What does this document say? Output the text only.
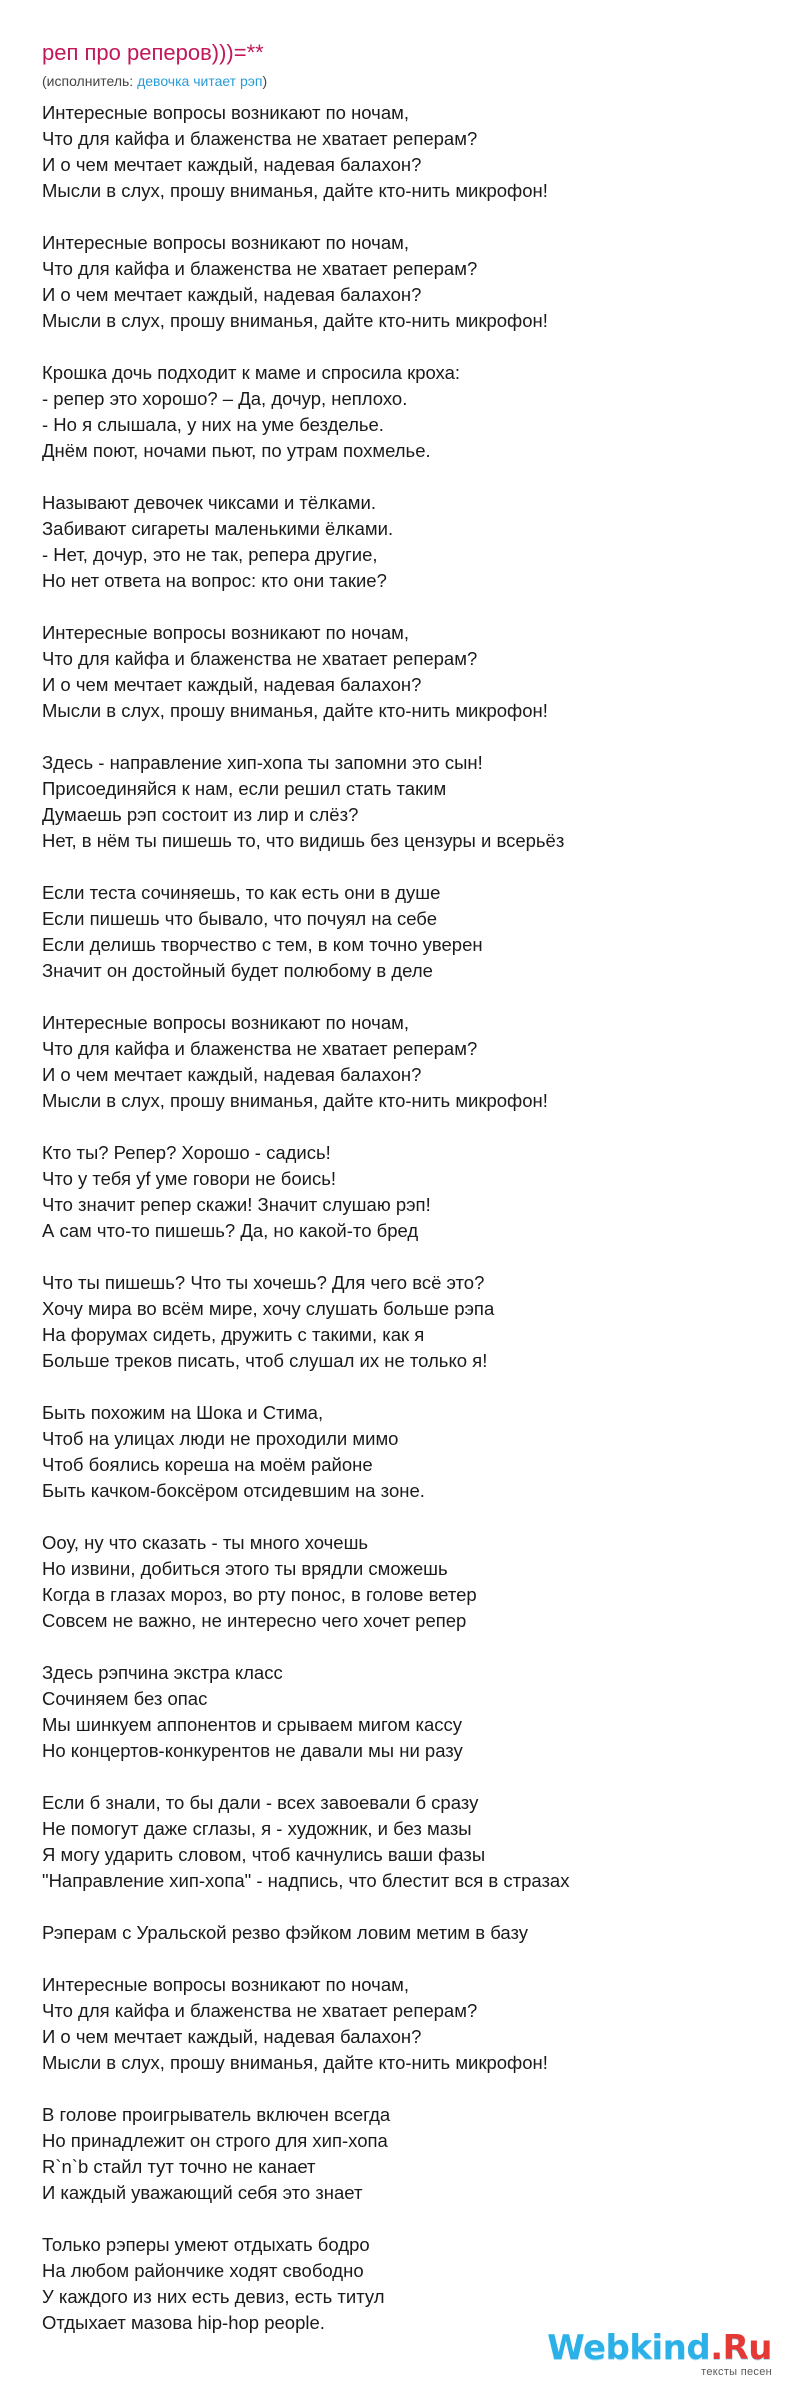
реп про реперов)))=**
(исполнитель: девочка читает рэп)
Интересные вопросы возникают по ночам,
Что для кайфа и блаженства не хватает реперам?
И о чем мечтает каждый, надевая балахон?
Мысли в слух, прошу вниманья, дайте кто-нить микрофон!
Интересные вопросы возникают по ночам,
Что для кайфа и блаженства не хватает реперам?
И о чем мечтает каждый, надевая балахон?
Мысли в слух, прошу вниманья, дайте кто-нить микрофон!
Крошка дочь подходит к маме и спросила кроха:
- репер это хорошо? – Да, дочур, неплохо.
- Но я слышала, у них на уме безделье.
Днём поют, ночами пьют, по утрам похмелье.
Называют девочек чиксами и тёлками.
Забивают сигареты маленькими ёлками.
- Нет, дочур, это не так, репера другие,
Но нет ответа на вопрос: кто они такие?
Интересные вопросы возникают по ночам,
Что для кайфа и блаженства не хватает реперам?
И о чем мечтает каждый, надевая балахон?
Мысли в слух, прошу вниманья, дайте кто-нить микрофон!
Здесь - направление хип-хопа ты запомни это сын!
Присоединяйся к нам, если решил стать таким
Думаешь рэп состоит из лир и слёз?
Нет, в нём ты пишешь то, что видишь без цензуры и всерьёз
Если теста сочиняешь, то как есть они в душе
Если пишешь что бывало, что почуял на себе
Если делишь творчество с тем, в ком точно уверен
Значит он достойный будет полюбому в деле
Интересные вопросы возникают по ночам,
Что для кайфа и блаженства не хватает реперам?
И о чем мечтает каждый, надевая балахон?
Мысли в слух, прошу вниманья, дайте кто-нить микрофон!
Кто ты? Репер? Хорошо - садись!
Что у тебя yf уме говори не боись!
Что значит репер скажи! Значит слушаю рэп!
А сам что-то пишешь? Да, но какой-то бред
Что ты пишешь? Что ты хочешь? Для чего всё это?
Хочу мира во всём мире, хочу слушать больше рэпа
На форумах сидеть, дружить с такими, как я
Больше треков писать, чтоб слушал их не только я!
Быть похожим на Шока и Стима,
Чтоб на улицах люди не проходили мимо
Чтоб боялись кореша на моём районе
Быть качком-боксёром отсидевшим на зоне.
Ооу, ну что сказать - ты много хочешь
Но извини, добиться этого ты врядли сможешь
Когда в глазах мороз, во рту понос, в голове ветер
Совсем не важно, не интересно чего хочет репер
Здесь рэпчина экстра класс
Сочиняем без опас
Мы шинкуем аппонентов и срываем мигом кассу
Но концертов-конкурентов не давали мы ни разу
Если б знали, то бы дали - всех завоевали б сразу
Не помогут даже сглазы, я - художник, и без мазы
Я могу ударить словом, чтоб качнулись ваши фазы
"Направление хип-хопа" - надпись, что блестит вся в стразах
Рэперам с Уральской резво фэйком ловим метим в базу
Интересные вопросы возникают по ночам,
Что для кайфа и блаженства не хватает реперам?
И о чем мечтает каждый, надевая балахон?
Мысли в слух, прошу вниманья, дайте кто-нить микрофон!
В голове проигрыватель включен всегда
Но принадлежит он строго для хип-хопа
R`n`b стайл тут точно не канает
И каждый уважающий себя это знает
Только рэперы умеют отдыхать бодро
На любом райончике ходят свободно
У каждого из них есть девиз, есть титул
Отдыхает мазова hip-hop people.
Webkind.Ru
тексты песен
